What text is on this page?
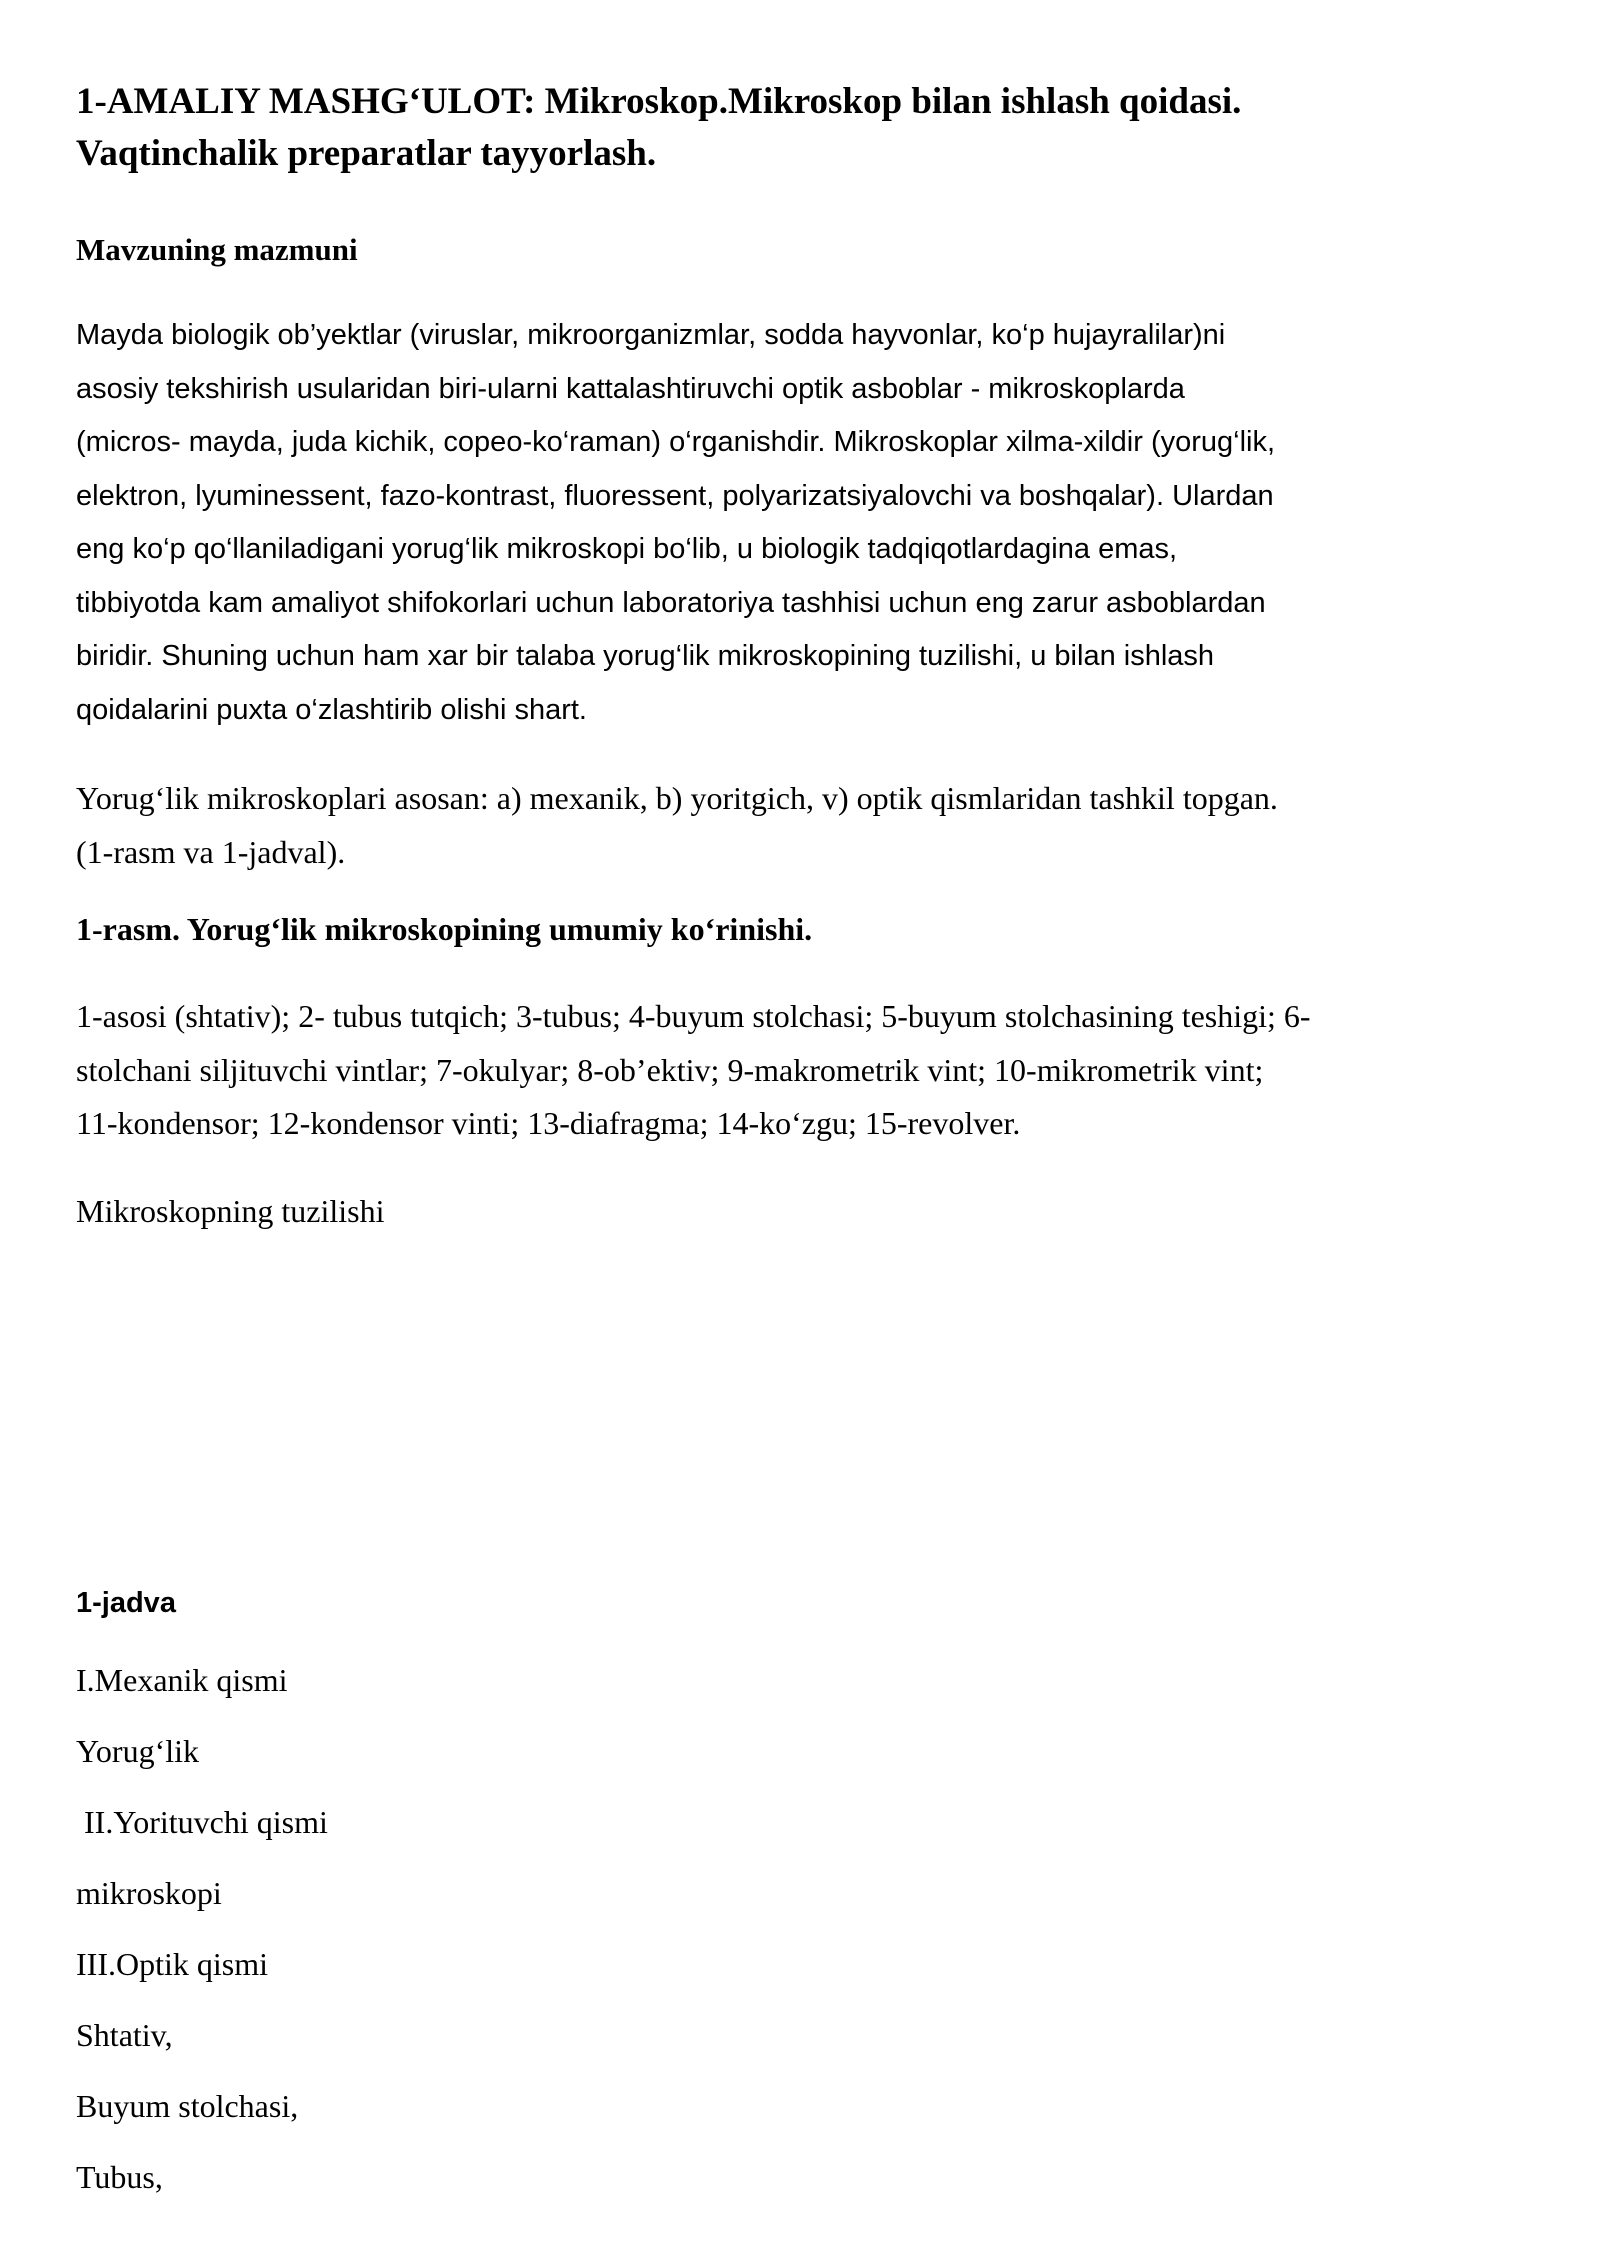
1-AMALIY MASHG‘ULOT: Mikroskop.Mikroskop bilan ishlash qoidasi.
Vaqtinchalik preparatlar tayyorlash.
Mavzuning mazmuni

Mayda biologik ob’yektlar (viruslar, mikroorganizmlar, sodda hayvonlar, ko‘p hujayralilar)ni
asosiy tekshirish usularidan biri-ularni kattalashtiruvchi optik asboblar - mikroskoplarda
(micros- mayda, juda kichik, copeo-ko‘raman) o‘rganishdir. Mikroskoplar xilma-xildir (yorug‘lik,
elektron, lyuminessent, fazo-kontrast, fluoressent, polyarizatsiyalovchi va boshqalar). Ulardan
eng ko‘p qo‘llaniladigani yorug‘lik mikroskopi bo‘lib, u biologik tadqiqotlardagina emas,
tibbiyotda kam amaliyot shifokorlari uchun laboratoriya tashhisi uchun eng zarur asboblardan
biridir. Shuning uchun ham xar bir talaba yorug‘lik mikroskopining tuzilishi, u bilan ishlash
qoidalarini puxta o‘zlashtirib olishi shart.

Yorug‘lik mikroskoplari asosan: a) mexanik, b) yoritgich, v) optik qismlaridan tashkil topgan.
(1-rasm va 1-jadval).

1-rasm. Yorug‘lik mikroskopining umumiy ko‘rinishi.

1-asosi (shtativ); 2- tubus tutqich; 3-tubus; 4-buyum stolchasi; 5-buyum stolchasining teshigi; 6-
stolchani siljituvchi vintlar; 7-okulyar; 8-ob’ektiv; 9-makrometrik vint; 10-mikrometrik vint;
11-kondensor; 12-kondensor vinti; 13-diafragma; 14-ko‘zgu; 15-revolver.

Mikroskopning tuzilishi

1-jadva

I.Mexanik qismi
Yorug‘lik
II.Yorituvchi qismi
mikroskopi
III.Optik qismi
Shtativ,
Buyum stolchasi,
Tubus,
